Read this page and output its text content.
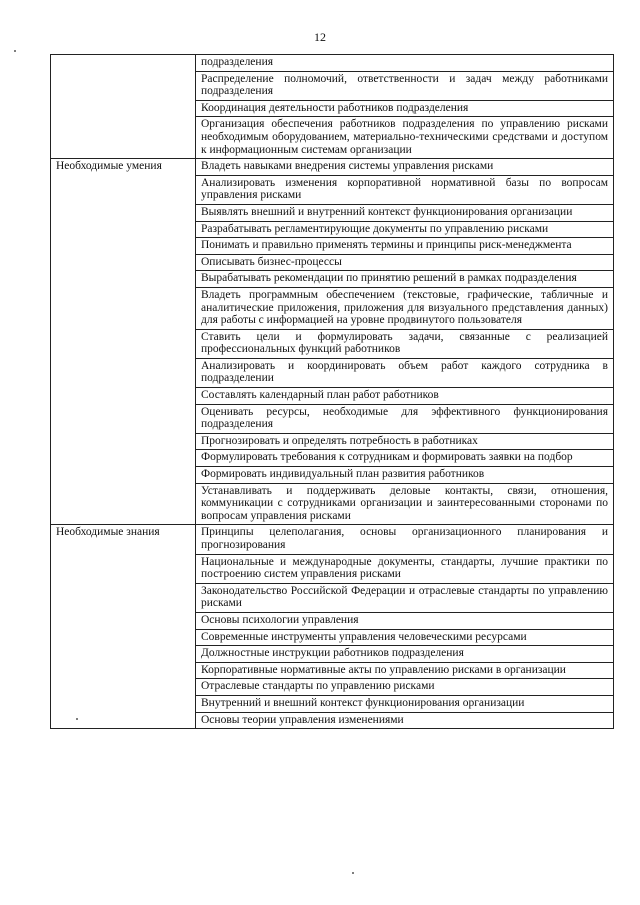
12
	подразделения
	Распределение полномочий, ответственности и задач между работниками подразделения
	Координация деятельности работников подразделения
	Организация обеспечения работников подразделения по управлению рисками необходимым оборудованием, материально-техническими средствами и доступом к информационным системам организации
Необходимые умения	Владеть навыками внедрения системы управления рисками
	Анализировать изменения корпоративной нормативной базы по вопросам управления рисками
	Выявлять внешний и внутренний контекст функционирования организации
	Разрабатывать регламентирующие документы по управлению рисками
	Понимать и правильно применять термины и принципы риск-менеджмента
	Описывать бизнес-процессы
	Вырабатывать рекомендации по принятию решений в рамках подразделения
	Владеть программным обеспечением (текстовые, графические, табличные и аналитические приложения, приложения для визуального представления данных) для работы с информацией на уровне продвинутого пользователя
	Ставить цели и формулировать задачи, связанные с реализацией профессиональных функций работников
	Анализировать и координировать объем работ каждого сотрудника в подразделении
	Составлять календарный план работ работников
	Оценивать ресурсы, необходимые для эффективного функционирования подразделения
	Прогнозировать и определять потребность в работниках
	Формулировать требования к сотрудникам и формировать заявки на подбор
	Формировать индивидуальный план развития работников
	Устанавливать и поддерживать деловые контакты, связи, отношения, коммуникации с сотрудниками организации и заинтересованными сторонами по вопросам управления рисками
Необходимые знания	Принципы целеполагания, основы организационного планирования и прогнозирования
	Национальные и международные документы, стандарты, лучшие практики по построению систем управления рисками
	Законодательство Российской Федерации и отраслевые стандарты по управлению рисками
	Основы психологии управления
	Современные инструменты управления человеческими ресурсами
	Должностные инструкции работников подразделения
	Корпоративные нормативные акты по управлению рисками в организации
	Отраслевые стандарты по управлению рисками
	Внутренний и внешний контекст функционирования организации
	Основы теории управления изменениями
